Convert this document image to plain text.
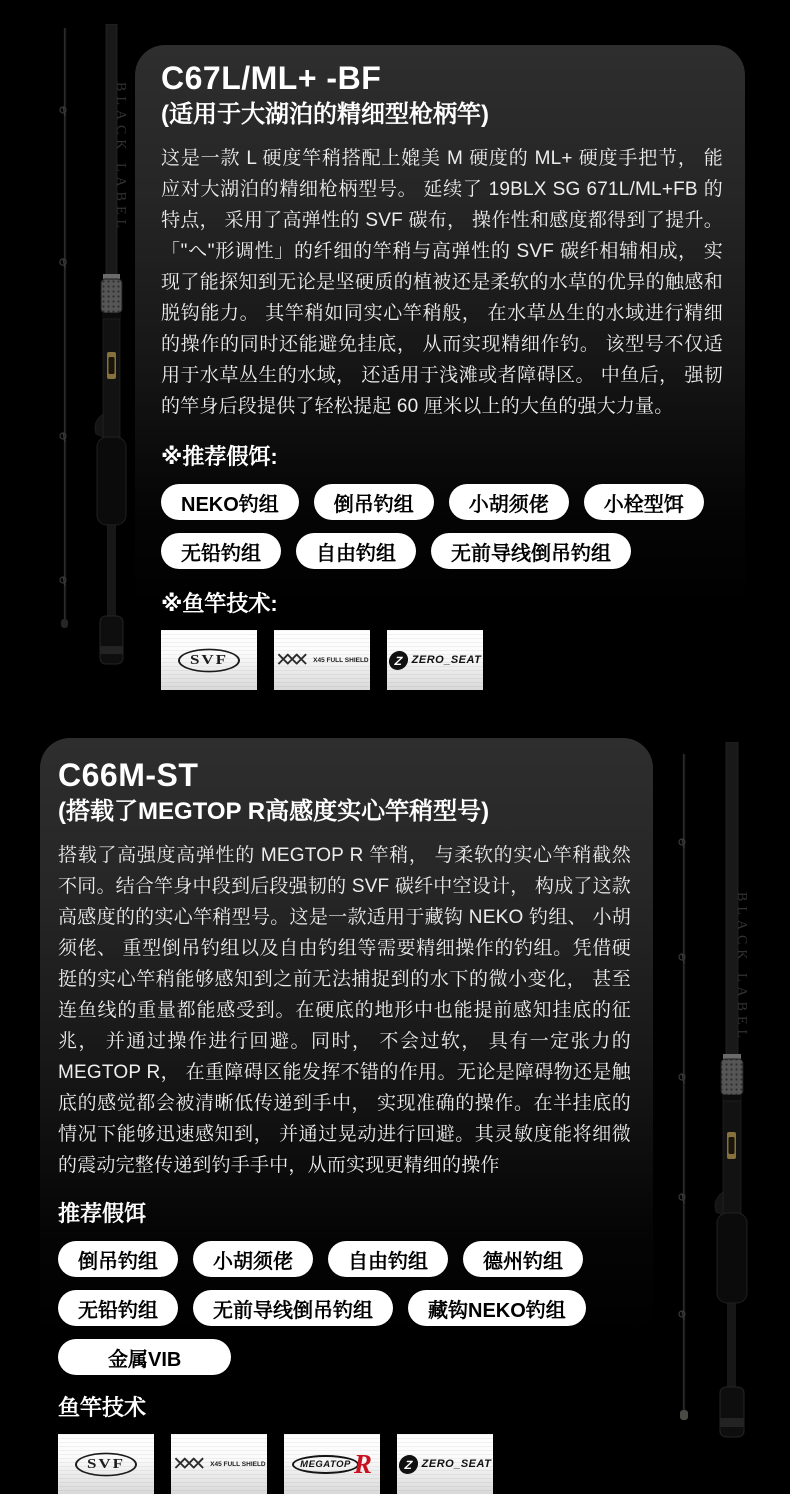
BLACK LABEL
C67L/ML+ -BF
(适用于大湖泊的精细型枪柄竿)
这是一款 L 硬度竿稍搭配上媲美 M 硬度的 ML+ 硬度手把节， 能应对大湖泊的精细枪柄型号。 延续了 19BLX SG 671L/ML+FB 的特点， 采用了高弹性的 SVF 碳布， 操作性和感度都得到了提升。 「"へ"形调性」的纤细的竿稍与高弹性的 SVF 碳纤相辅相成， 实现了能探知到无论是坚硬质的植被还是柔软的水草的优异的触感和脱钩能力。 其竿稍如同实心竿稍般， 在水草丛生的水域进行精细的操作的同时还能避免挂底， 从而实现精细作钓。 该型号不仅适用于水草丛生的水域， 还适用于浅滩或者障碍区。 中鱼后， 强韧的竿身后段提供了轻松提起 60 厘米以上的大鱼的强大力量。
※推荐假饵:
NEKO钓组	倒吊钓组	小胡须佬	小栓型饵
无铅钓组	自由钓组	无前导线倒吊钓组
※鱼竿技术:
SVF	✕✕✕	X45 FULL SHIELD	Z ZERO_SEAT
C66M-ST
(搭载了MEGTOP R高感度实心竿稍型号)
搭载了高强度高弹性的 MEGTOP R 竿稍， 与柔软的实心竿稍截然不同。结合竿身中段到后段强韧的 SVF 碳纤中空设计， 构成了这款高感度的的实心竿稍型号。这是一款适用于藏钩 NEKO 钓组、 小胡须佬、 重型倒吊钓组以及自由钓组等需要精细操作的钓组。凭借硬挺的实心竿稍能够感知到之前无法捕捉到的水下的微小变化， 甚至连鱼线的重量都能感受到。在硬底的地形中也能提前感知挂底的征兆， 并通过操作进行回避。同时， 不会过软， 具有一定张力的MEGTOP R， 在重障碍区能发挥不错的作用。无论是障碍物还是触底的感觉都会被清晰低传递到手中， 实现准确的操作。在半挂底的情况下能够迅速感知到， 并通过晃动进行回避。其灵敏度能将细微的震动完整传递到钓手手中，从而实现更精细的操作
推荐假饵
倒吊钓组	小胡须佬	自由钓组	德州钓组
无铅钓组	无前导线倒吊钓组	藏钩NEKO钓组
金属VIB
鱼竿技术
SVF	✕✕✕	X45 FULL SHIELD	MEGATOP R	Z ZERO_SEAT
BLACK LABEL
